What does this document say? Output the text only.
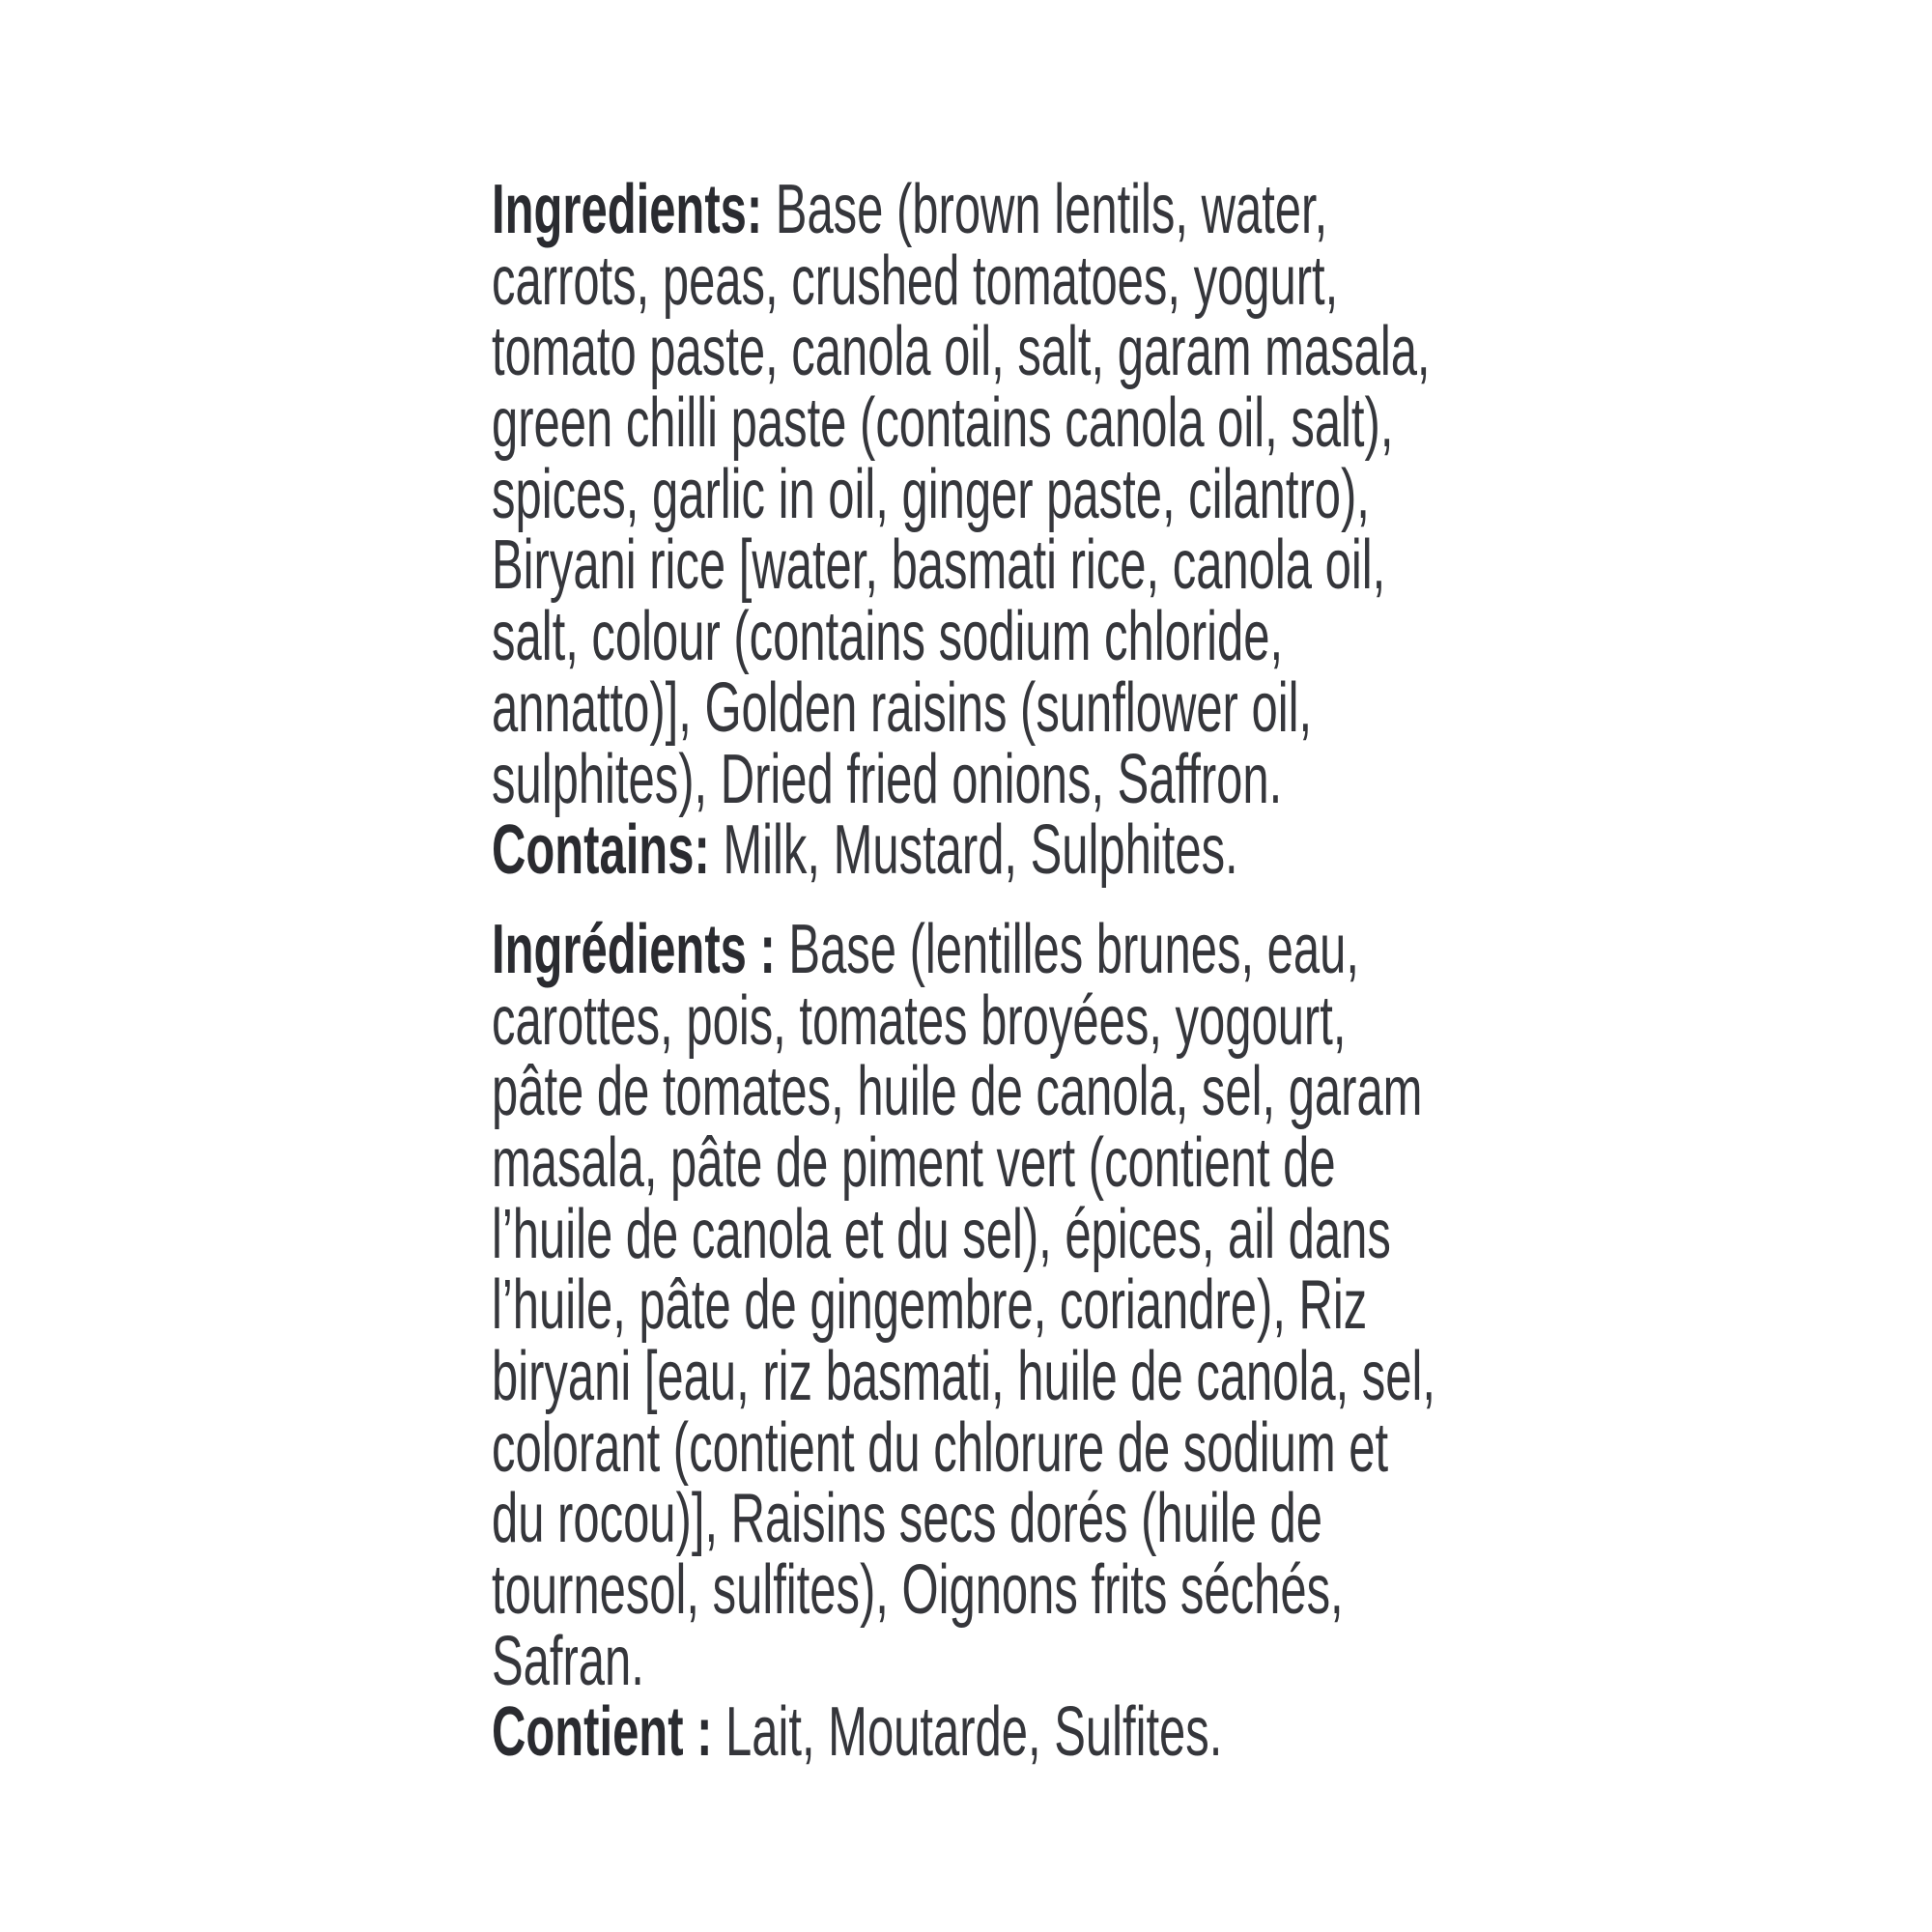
Ingredients: Base (brown lentils, water,
carrots, peas, crushed tomatoes, yogurt,
tomato paste, canola oil, salt, garam masala,
green chilli paste (contains canola oil, salt),
spices, garlic in oil, ginger paste, cilantro),
Biryani rice [water, basmati rice, canola oil,
salt, colour (contains sodium chloride,
annatto)], Golden raisins (sunflower oil,
sulphites), Dried fried onions, Saffron.
Contains: Milk, Mustard, Sulphites.
Ingrédients : Base (lentilles brunes, eau,
carottes, pois, tomates broyées, yogourt,
pâte de tomates, huile de canola, sel, garam
masala, pâte de piment vert (contient de
l’huile de canola et du sel), épices, ail dans
l’huile, pâte de gingembre, coriandre), Riz
biryani [eau, riz basmati, huile de canola, sel,
colorant (contient du chlorure de sodium et
du rocou)], Raisins secs dorés (huile de
tournesol, sulfites), Oignons frits séchés,
Safran.
Contient : Lait, Moutarde, Sulfites.
